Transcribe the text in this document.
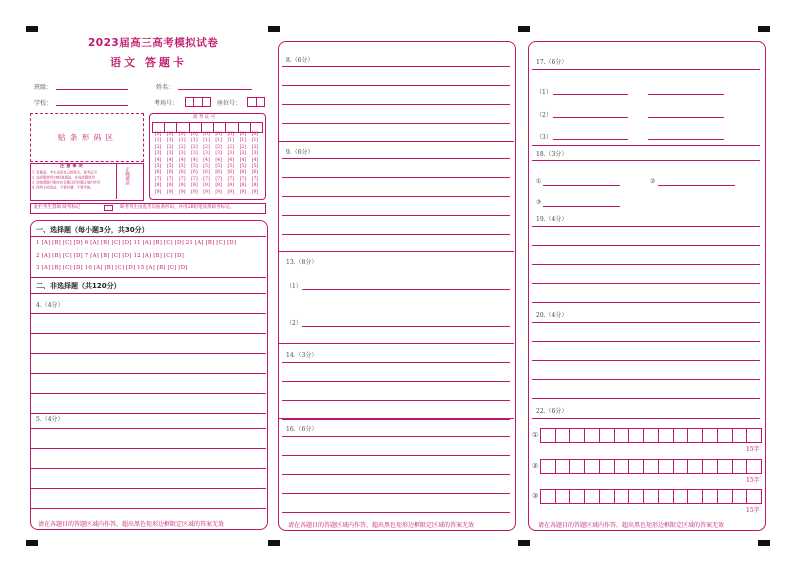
2023届高三高考模拟试卷
语文 答题卡
班级：	姓名：
学校：	考场号：	座位号：
贴 条 形 码 区
注 意 事 项
1. 答题前，考生先将自己的姓名、准考证号
2. 选择题使用2B铅笔填涂，非选择题使用
3. 请按照题号顺序在各题目的答题区域内作答
4. 保持卡面清洁，不要折叠、不要弄破。
正确填涂
准 考 证 号
[0]	[0]	[0]	[0]	[0]	[0]	[0]	[0]	[0]
[1]	[1]	[1]	[1]	[1]	[1]	[1]	[1]	[1]
[2]	[2]	[2]	[2]	[2]	[2]	[2]	[2]	[2]
[3]	[3]	[3]	[3]	[3]	[3]	[3]	[3]	[3]
[4]	[4]	[4]	[4]	[4]	[4]	[4]	[4]	[4]
[5]	[5]	[5]	[5]	[5]	[5]	[5]	[5]	[5]
[6]	[6]	[6]	[6]	[6]	[6]	[6]	[6]	[6]
[7]	[7]	[7]	[7]	[7]	[7]	[7]	[7]	[7]
[8]	[8]	[8]	[8]	[8]	[8]	[8]	[8]	[8]
[9]	[9]	[9]	[9]	[9]	[9]	[9]	[9]	[9]
此栏考生禁填 缺考标记	缺考考生由监考员贴条形码，并用2B铅笔涂黑缺考标记。
一、选择题（每小题3分，共30分）
1 [A] [B] [C] [D] 6 [A] [B] [C] [D] 11 [A] [B] [C] [D] 21 [A] [B] [C] [D]
2 [A] [B] [C] [D] 7 [A] [B] [C] [D] 12 [A] [B] [C] [D]
3 [A] [B] [C] [D] 10 [A] [B] [C] [D] 15 [A] [B] [C] [D]
二、非选择题（共120分）
4.（4分）
5.（4分）
请在各题目的答题区域内作答，超出黑色矩形边框限定区域的答案无效
8.（6分）
9.（6分）
13.（8分）
（1）
（2）
14.（3分）
16.（6分）
请在各题目的答题区域内作答，超出黑色矩形边框限定区域的答案无效
17.（6分）
（1）
（2）
（3）
18.（3分）
①	②
③
19.（4分）
20.（4分）
22.（6分）
①
15字
②
15字
③
15字
请在各题目的答题区域内作答，超出黑色矩形边框限定区域的答案无效
